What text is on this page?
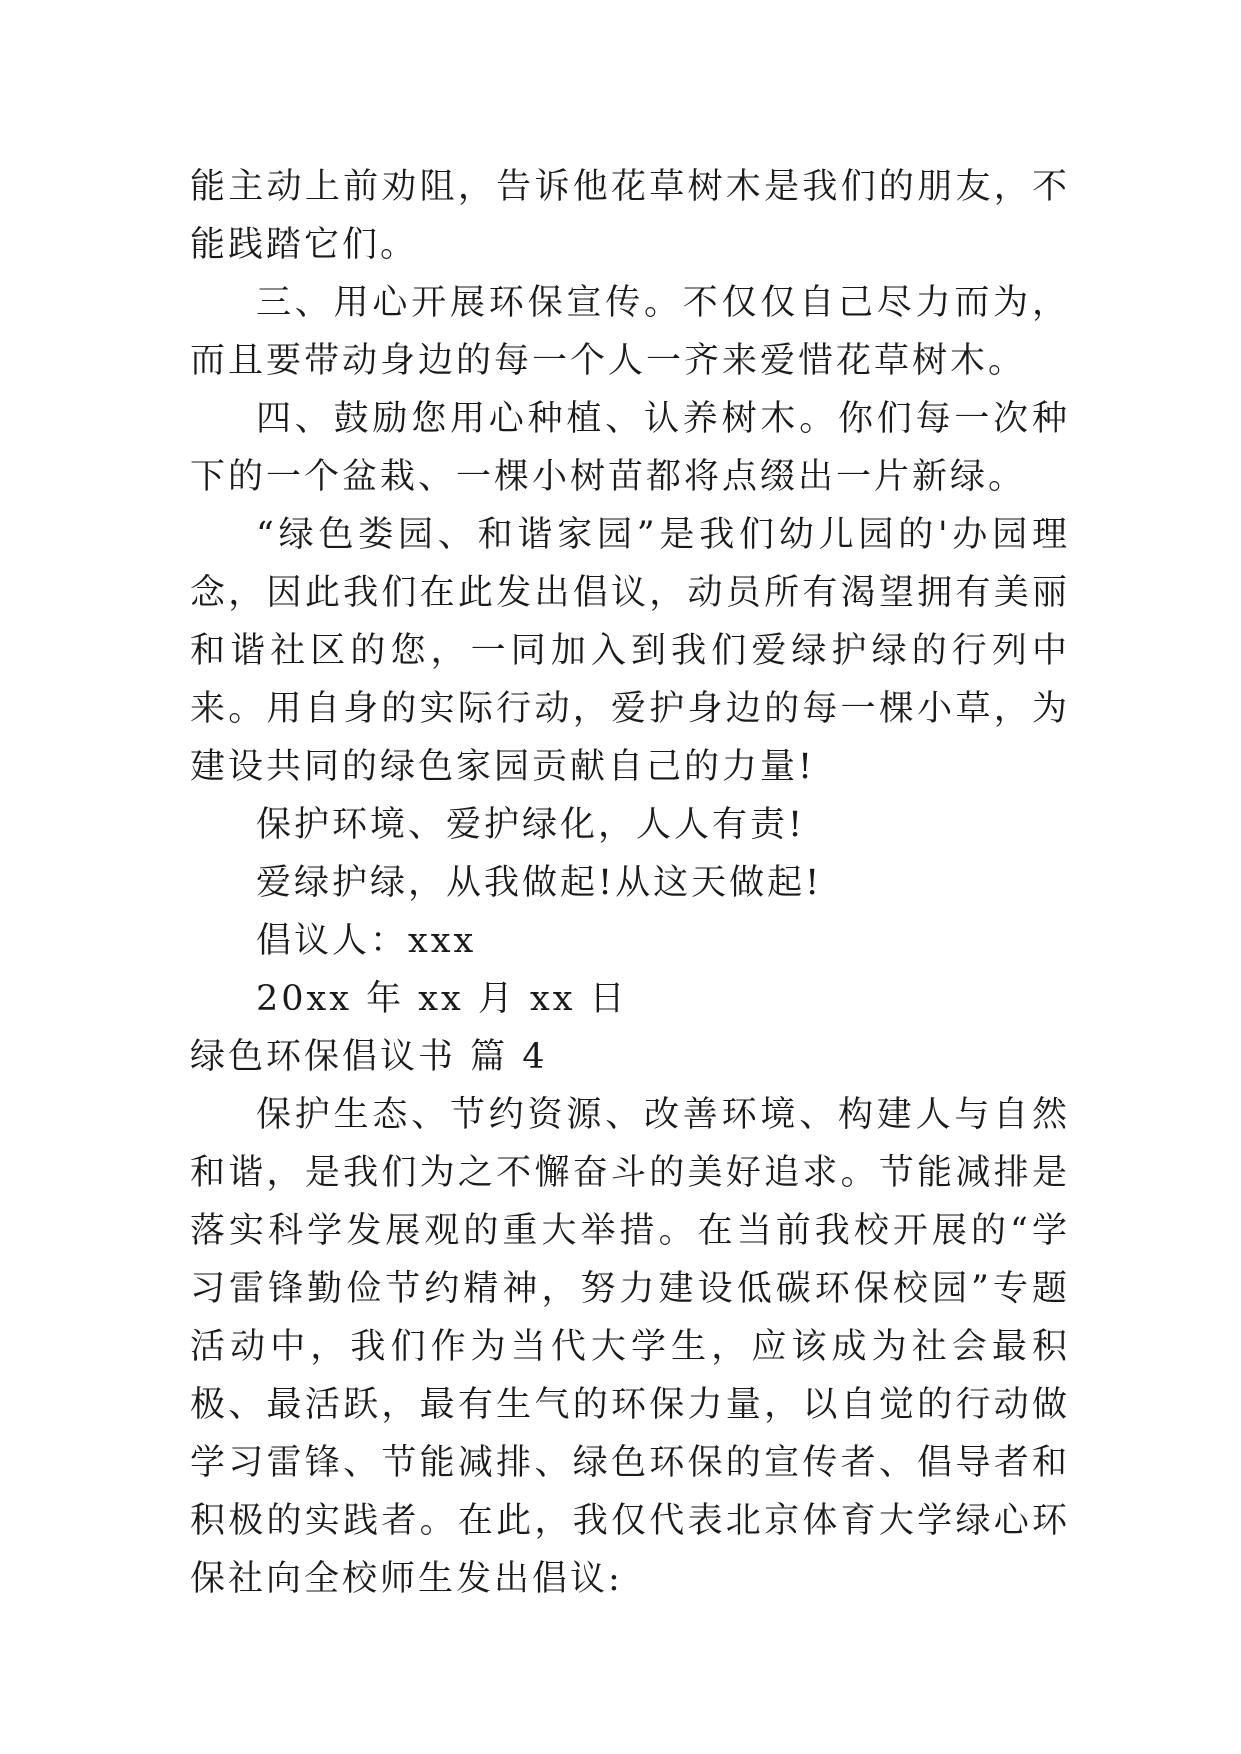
能主动上前劝阻，告诉他花草树木是我们的朋友，不能践踏它们。

三、用心开展环保宣传。不仅仅自己尽力而为，而且要带动身边的每一个人一齐来爱惜花草树木。

四、鼓励您用心种植、认养树木。你们每一次种下的一个盆栽、一棵小树苗都将点缀出一片新绿。

“绿色娄园、和谐家园”是我们幼儿园的'办园理念，因此我们在此发出倡议，动员所有渴望拥有美丽和谐社区的您，一同加入到我们爱绿护绿的行列中来。用自身的实际行动，爱护身边的每一棵小草，为建设共同的绿色家园贡献自己的力量!

保护环境、爱护绿化，人人有责!

爱绿护绿，从我做起!从这天做起!

倡议人：xxx

20xx 年 xx 月 xx 日

绿色环保倡议书 篇 4

保护生态、节约资源、改善环境、构建人与自然和谐，是我们为之不懈奋斗的美好追求。节能减排是落实科学发展观的重大举措。在当前我校开展的“学习雷锋勤俭节约精神，努力建设低碳环保校园”专题活动中，我们作为当代大学生，应该成为社会最积极、最活跃，最有生气的环保力量，以自觉的行动做学习雷锋、节能减排、绿色环保的宣传者、倡导者和积极的实践者。在此，我仅代表北京体育大学绿心环保社向全校师生发出倡议:
